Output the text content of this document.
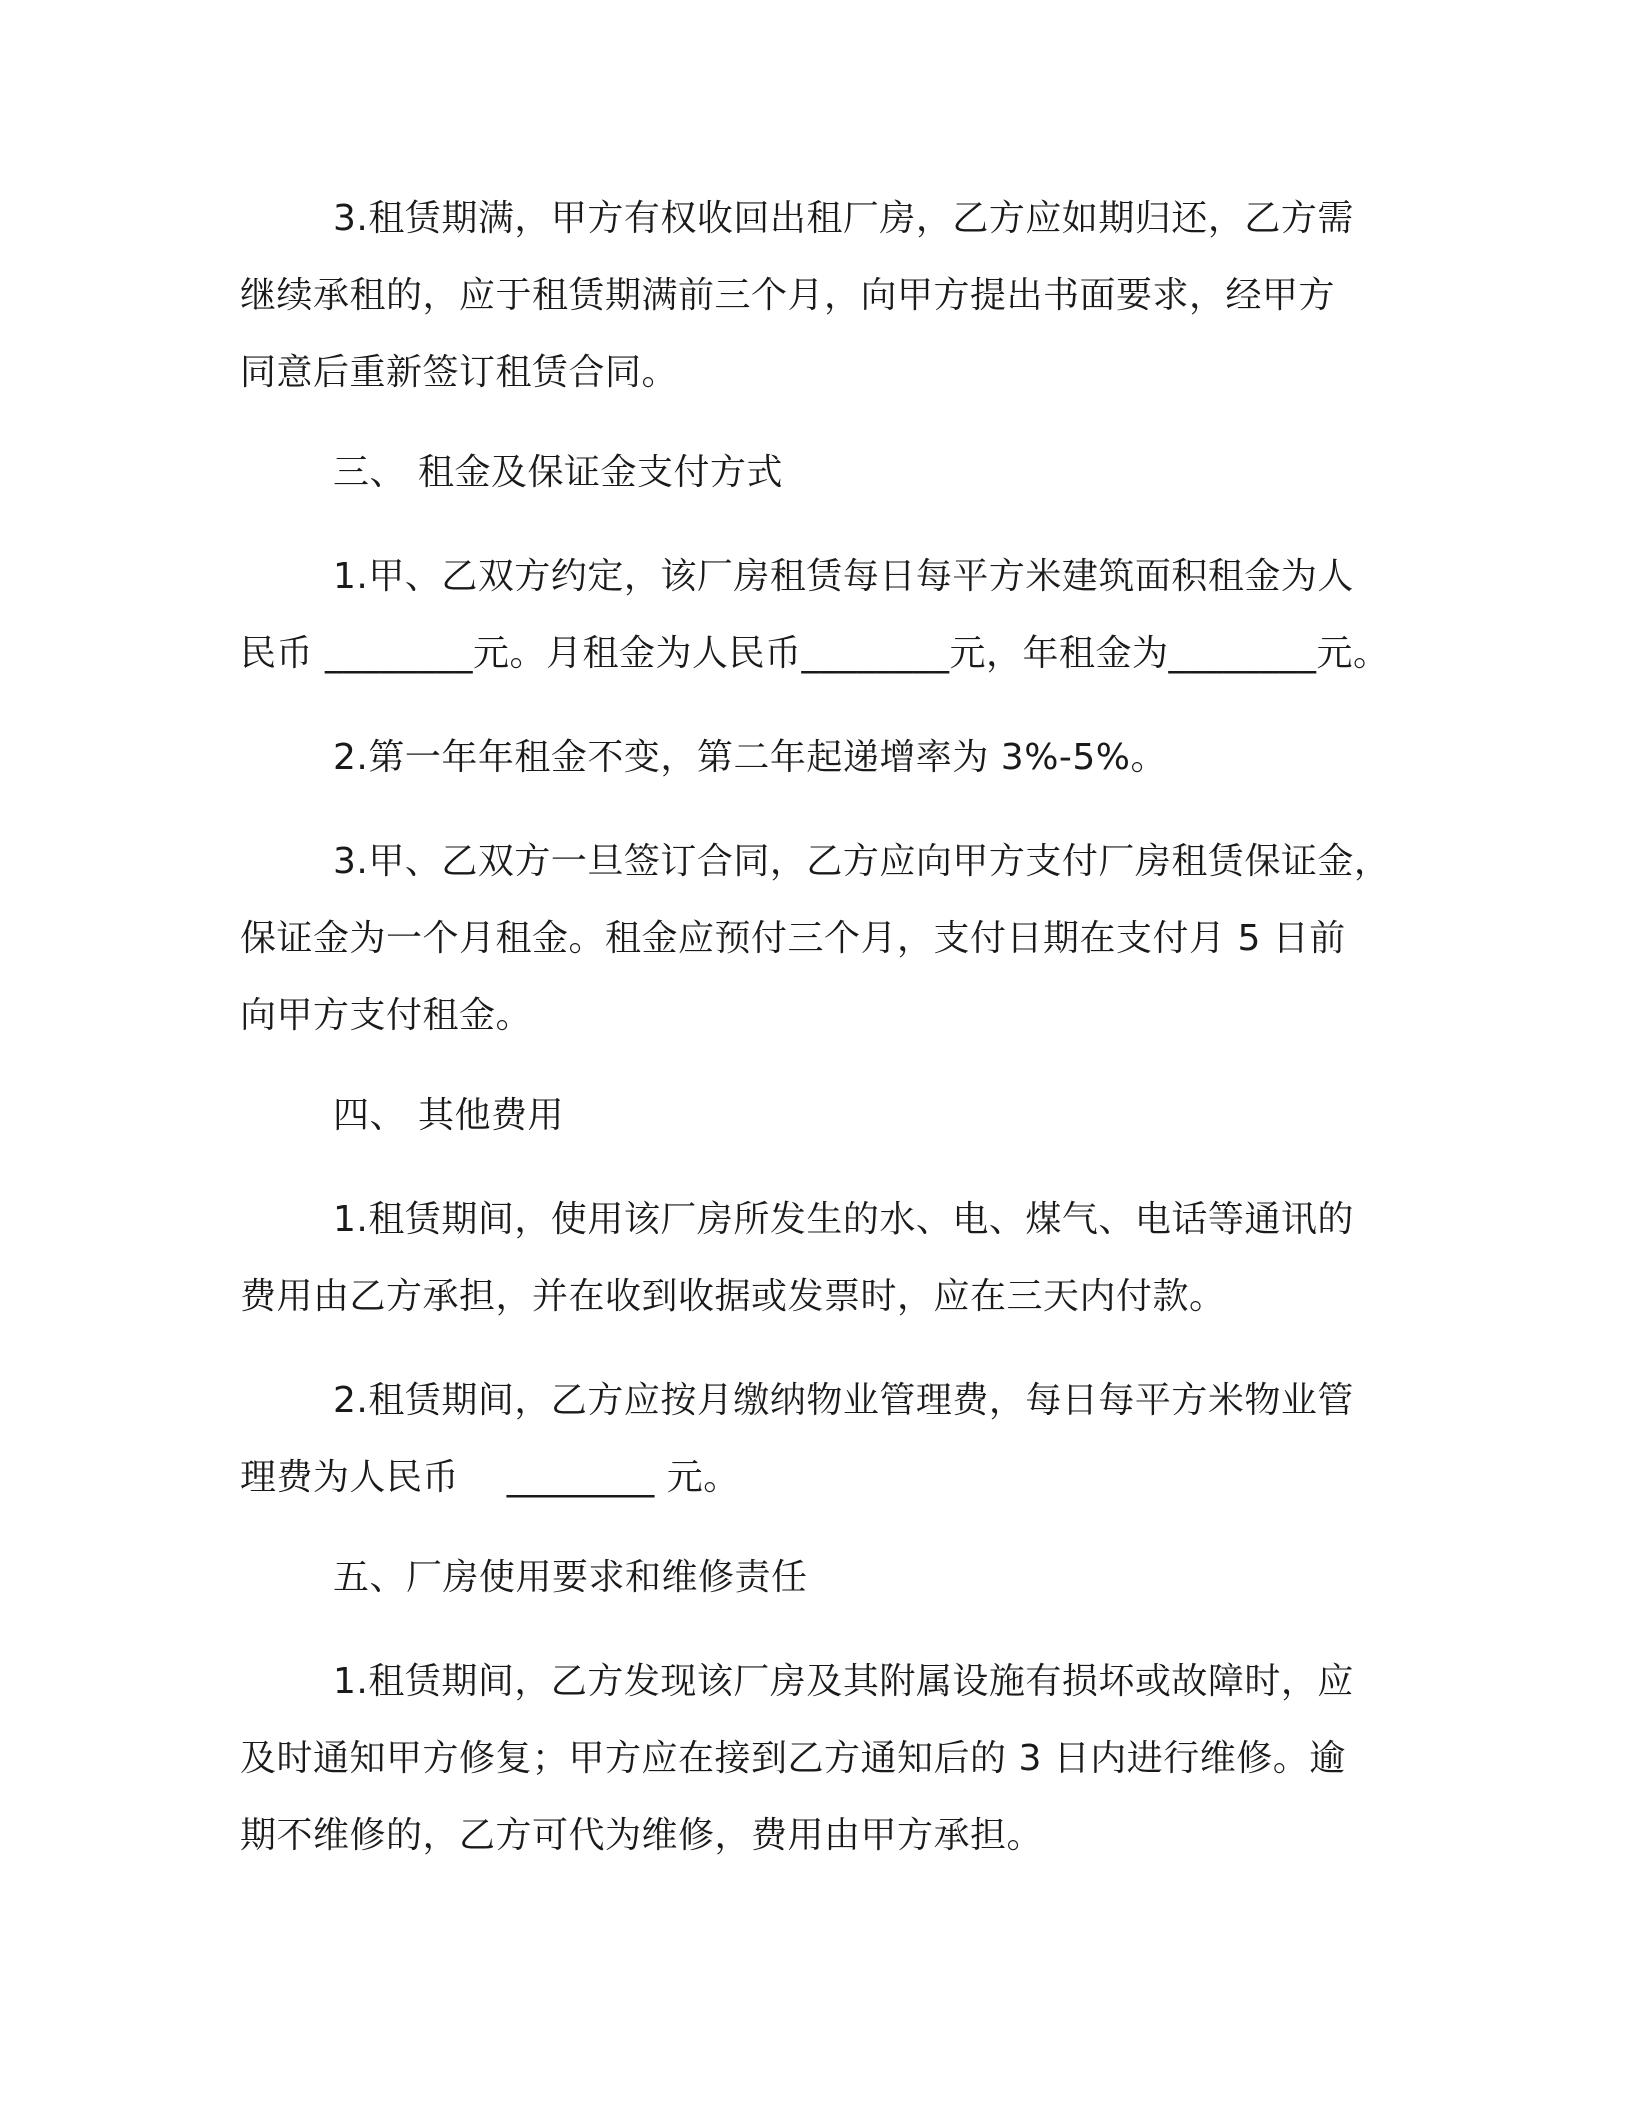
3.租赁期满，甲方有权收回出租厂房，乙方应如期归还，乙方需
继续承租的，应于租赁期满前三个月，向甲方提出书面要求，经甲方
同意后重新签订租赁合同。
三、 租金及保证金支付方式
1.甲、乙双方约定，该厂房租赁每日每平方米建筑面积租金为人
民币 ________元。月租金为人民币________元，年租金为________元。
2.第一年年租金不变，第二年起递增率为 3%-5%。
3.甲、乙双方一旦签订合同，乙方应向甲方支付厂房租赁保证金，
保证金为一个月租金。租金应预付三个月，支付日期在支付月 5 日前
向甲方支付租金。
四、 其他费用
1.租赁期间，使用该厂房所发生的水、电、煤气、电话等通讯的
费用由乙方承担，并在收到收据或发票时，应在三天内付款。
2.租赁期间，乙方应按月缴纳物业管理费，每日每平方米物业管
理费为人民币    ________ 元。
五、厂房使用要求和维修责任
1.租赁期间，乙方发现该厂房及其附属设施有损坏或故障时，应
及时通知甲方修复；甲方应在接到乙方通知后的 3 日内进行维修。逾
期不维修的，乙方可代为维修，费用由甲方承担。
